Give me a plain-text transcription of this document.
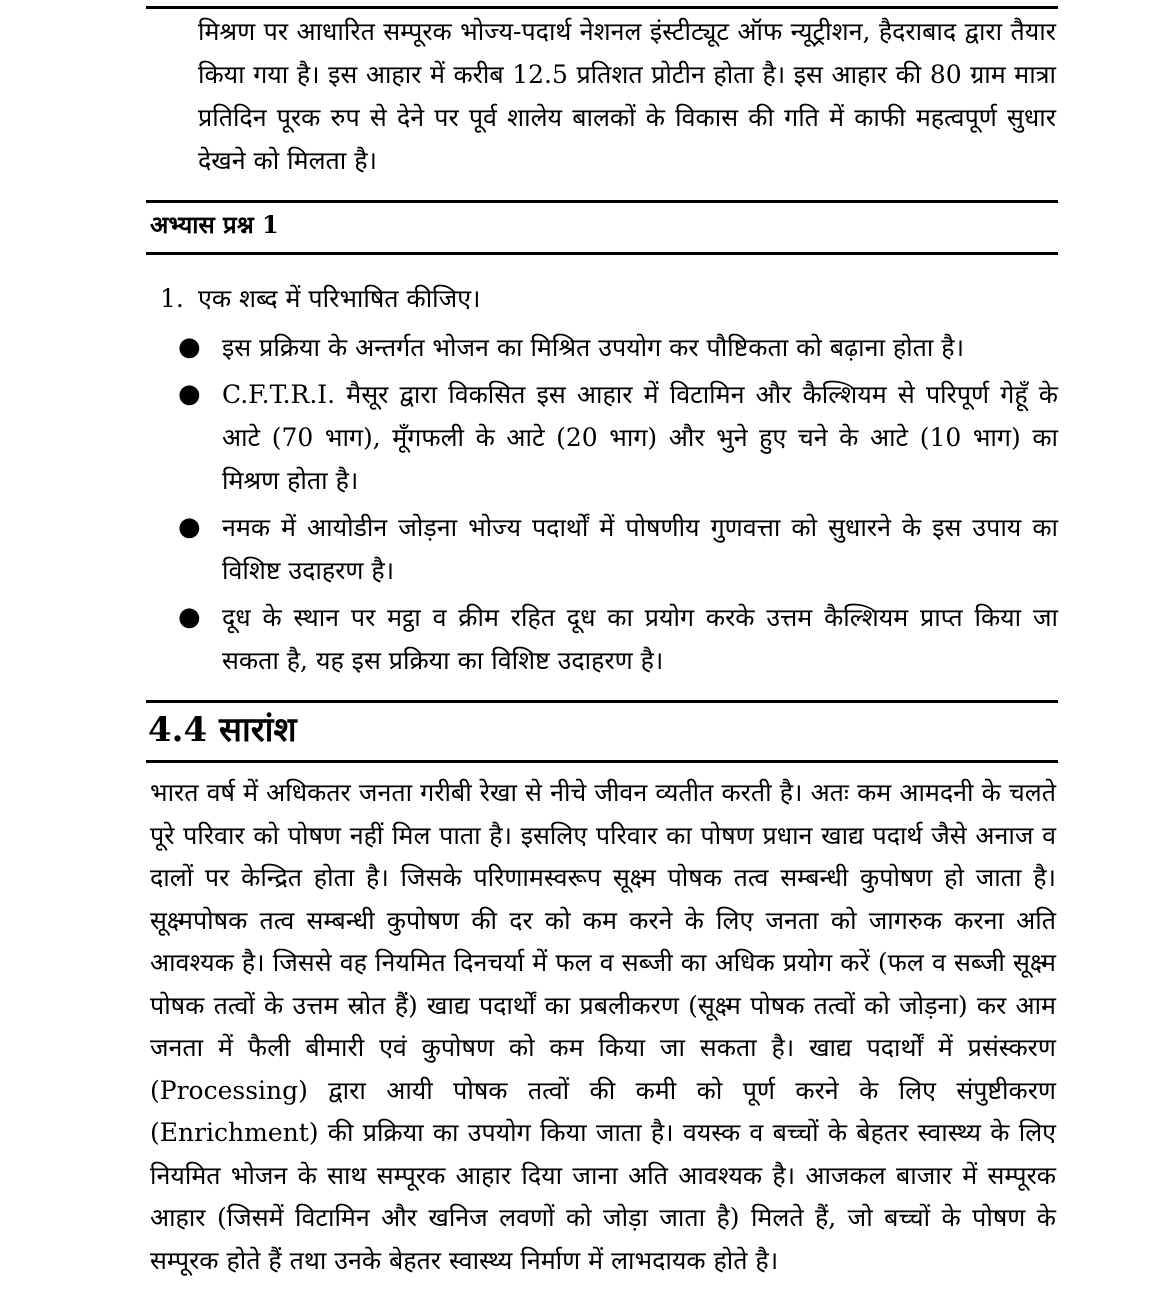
मिश्रण पर आधारित सम्पूरक भोज्य-पदार्थ नेशनल इंस्टीट्यूट ऑफ न्यूट्रीशन, हैदराबाद द्वारा तैयार किया गया है। इस आहार में करीब 12.5 प्रतिशत प्रोटीन होता है। इस आहार की 80 ग्राम मात्रा प्रतिदिन पूरक रुप से देने पर पूर्व शालेय बालकों के विकास की गति में काफी महत्वपूर्ण सुधार देखने को मिलता है।

अभ्यास प्रश्न 1
1. एक शब्द में परिभाषित कीजिए।
● इस प्रक्रिया के अन्तर्गत भोजन का मिश्रित उपयोग कर पौष्टिकता को बढ़ाना होता है।
● C.F.T.R.I. मैसूर द्वारा विकसित इस आहार में विटामिन और कैल्शियम से परिपूर्ण गेहूँ के आटे (70 भाग), मूँगफली के आटे (20 भाग) और भुने हुए चने के आटे (10 भाग) का मिश्रण होता है।
● नमक में आयोडीन जोड़ना भोज्य पदार्थों में पोषणीय गुणवत्ता को सुधारने के इस उपाय का विशिष्ट उदाहरण है।
● दूध के स्थान पर मट्ठा व क्रीम रहित दूध का प्रयोग करके उत्तम कैल्शियम प्राप्त किया जा सकता है, यह इस प्रक्रिया का विशिष्ट उदाहरण है।
4.4 सारांश

भारत वर्ष में अधिकतर जनता गरीबी रेखा से नीचे जीवन व्यतीत करती है। अतः कम आमदनी के चलते पूरे परिवार को पोषण नहीं मिल पाता है। इसलिए परिवार का पोषण प्रधान खाद्य पदार्थ जैसे अनाज व दालों पर केन्द्रित होता है। जिसके परिणामस्वरूप सूक्ष्म पोषक तत्व सम्बन्धी कुपोषण हो जाता है। सूक्ष्मपोषक तत्व सम्बन्धी कुपोषण की दर को कम करने के लिए जनता को जागरुक करना अति आवश्यक है। जिससे वह नियमित दिनचर्या में फल व सब्जी का अधिक प्रयोग करें (फल व सब्जी सूक्ष्म पोषक तत्वों के उत्तम स्रोत हैं) खाद्य पदार्थों का प्रबलीकरण (सूक्ष्म पोषक तत्वों को जोड़ना) कर आम जनता में फैली बीमारी एवं कुपोषण को कम किया जा सकता है। खाद्य पदार्थों में प्रसंस्करण (Processing) द्वारा आयी पोषक तत्वों की कमी को पूर्ण करने के लिए संपुष्टीकरण (Enrichment) की प्रक्रिया का उपयोग किया जाता है। वयस्क व बच्चों के बेहतर स्वास्थ्य के लिए नियमित भोजन के साथ सम्पूरक आहार दिया जाना अति आवश्यक है। आजकल बाजार में सम्पूरक आहार (जिसमें विटामिन और खनिज लवणों को जोड़ा जाता है) मिलते हैं, जो बच्चों के पोषण के सम्पूरक होते हैं तथा उनके बेहतर स्वास्थ्य निर्माण में लाभदायक होते है।
